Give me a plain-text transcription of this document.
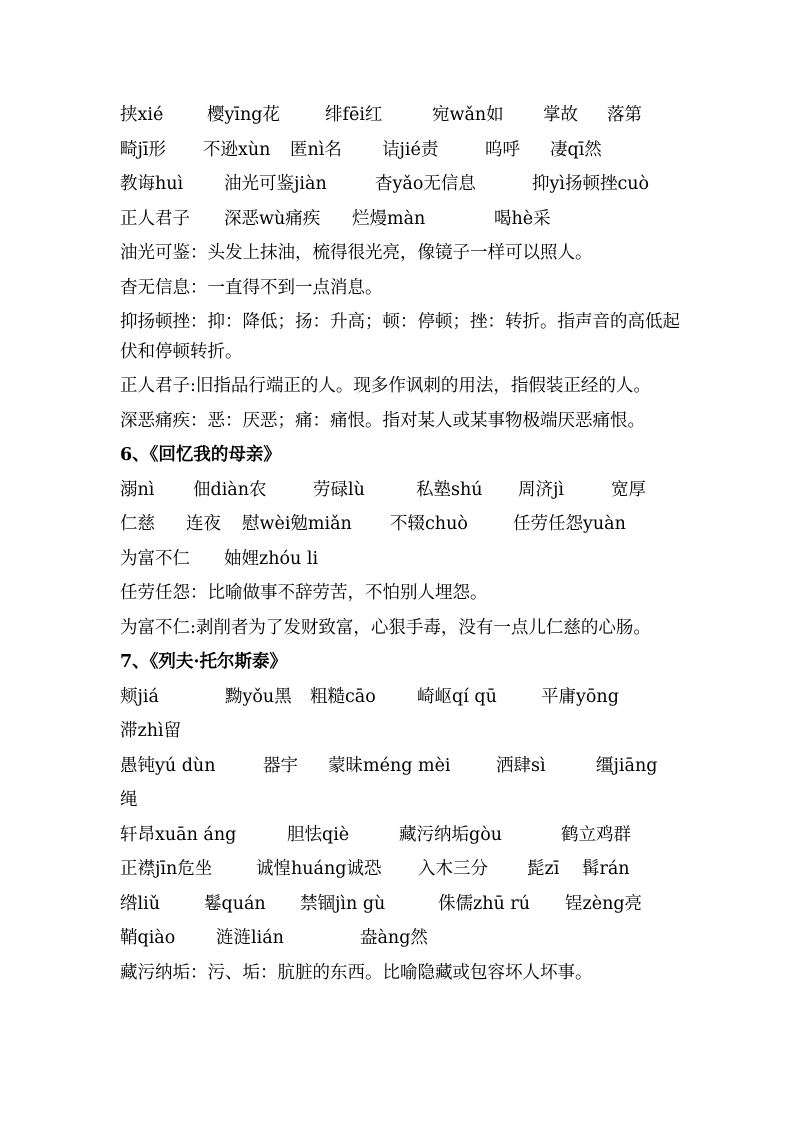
挟xié 樱yīng花	绯fēi红	宛wǎn如 掌故 落第
畸jī形 不逊xùn 匿nì名 诘jié责	呜呼 凄qī然
教诲huì 油光可鉴jiàn	杳yǎo无信息	抑yì扬顿挫cuò
正人君子 深恶wù痛疾 烂熳màn	喝hè采
油光可鉴：头发上抹油，梳得很光亮，像镜子一样可以照人。
杳无信息：一直得不到一点消息。
抑扬顿挫：抑：降低；扬：升高；顿：停顿；挫：转折。指声音的高低起伏和停顿转折。
正人君子:旧指品行端正的人。现多作讽刺的用法，指假装正经的人。
深恶痛疾：恶：厌恶；痛：痛恨。指对某人或某事物极端厌恶痛恨。
6、《回忆我的母亲》
溺nì 佃diàn农	劳碌lù	私塾shú 周济jì	宽厚
仁慈 连夜 慰wèi勉miǎn 不辍chuò	任劳任怨yuàn
为富不仁 妯娌zhóu li
任劳任怨：比喻做事不辞劳苦，不怕别人埋怨。
为富不仁:剥削者为了发财致富，心狠手毒，没有一点儿仁慈的心肠。
7、《列夫·托尔斯泰》
颊jiá	黝yǒu黑 粗糙cāo 崎岖qí qū	平庸yōng
滞zhì留
愚钝yú dùn	器宇 蒙昧méng mèi	洒肆sì	缰jiāng
绳
轩昂xuān áng	胆怯qiè	藏污纳垢gòu	鹤立鸡群
正襟jīn危坐 诚惶huáng诚恐 入木三分 髭zī 髯rán
绺liǔ	鬈quán 禁锢jìn gù	侏儒zhū rú 锃zèng亮
鞘qiào 涟涟lián	盎àng然
藏污纳垢：污、垢：肮脏的东西。比喻隐藏或包容坏人坏事。
